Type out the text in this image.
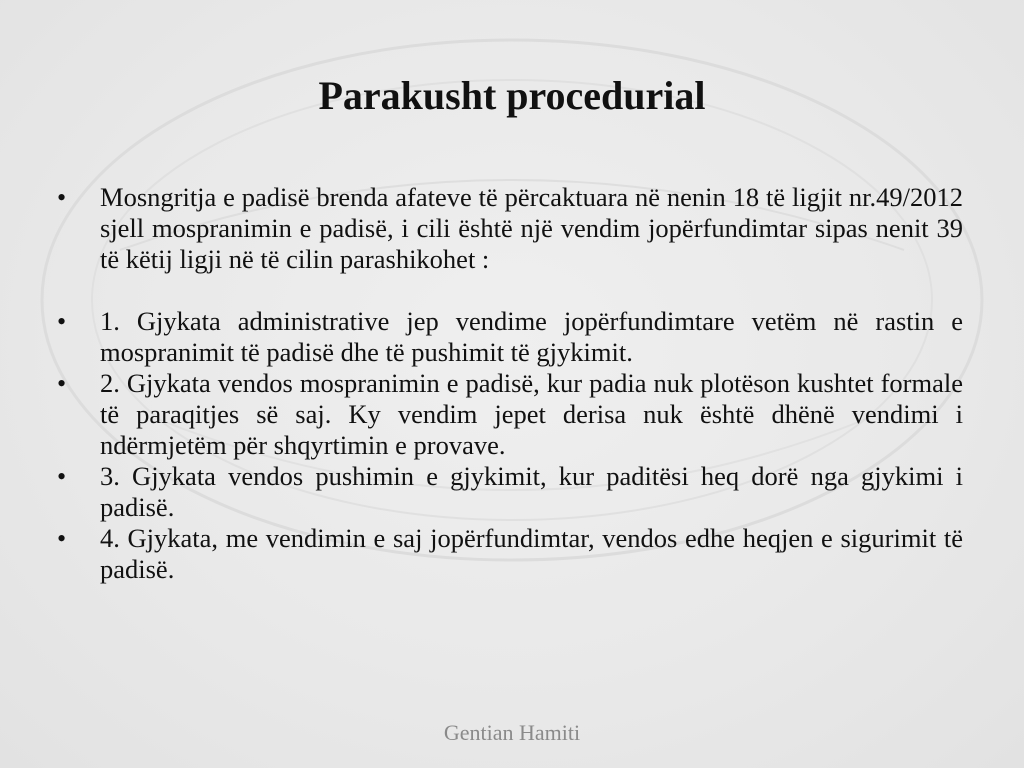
Parakusht procedurial
•	Mosngritja e padisë brenda afateve të përcaktuara në nenin 18 të ligjit nr.49/2012 sjell mospranimin e padisë, i cili është një vendim jopërfundimtar sipas nenit 39 të këtij ligji në të cilin parashikohet :
•	1. Gjykata administrative jep vendime jopërfundimtare vetëm në rastin e mospranimit të padisë dhe të pushimit të gjykimit.
•	2. Gjykata vendos mospranimin e padisë, kur padia nuk plotëson kushtet formale të paraqitjes së saj. Ky vendim jepet derisa nuk është dhënë vendimi i ndërmjetëm për shqyrtimin e provave.
•	3. Gjykata vendos pushimin e gjykimit, kur paditësi heq dorë nga gjykimi i padisë.
•	4. Gjykata, me vendimin e saj jopërfundimtar, vendos edhe heqjen e sigurimit të padisë.
Gentian Hamiti
